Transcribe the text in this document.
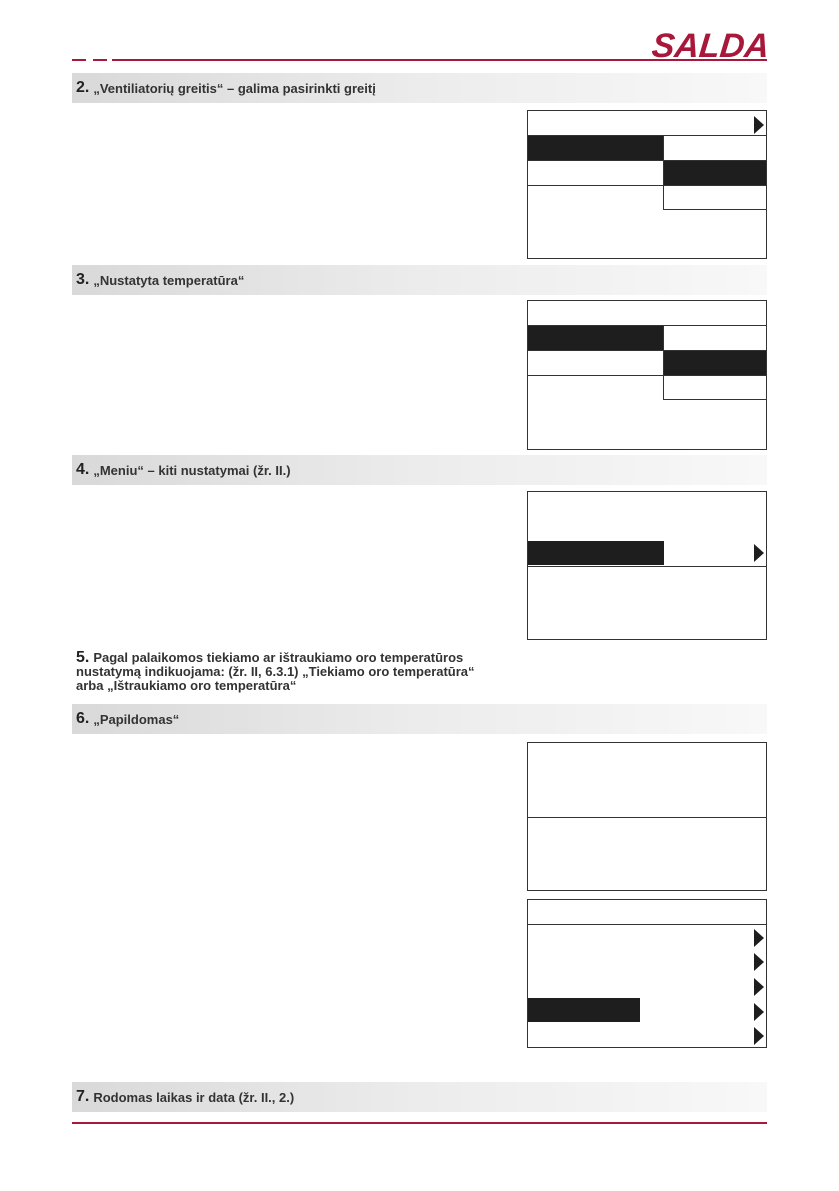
SALDA
2. „Ventiliatorių greitis“ – galima pasirinkti greitį
3. „Nustatyta temperatūra“
4. „Meniu“ – kiti nustatymai (žr. II.)
5. Pagal palaikomos tiekiamo ar ištraukiamo oro temperatūros
nustatymą indikuojama: (žr. II, 6.3.1) „Tiekiamo oro temperatūra“
arba „Ištraukiamo oro temperatūra“
6. „Papildomas“
7. Rodomas laikas ir data (žr. II., 2.)
